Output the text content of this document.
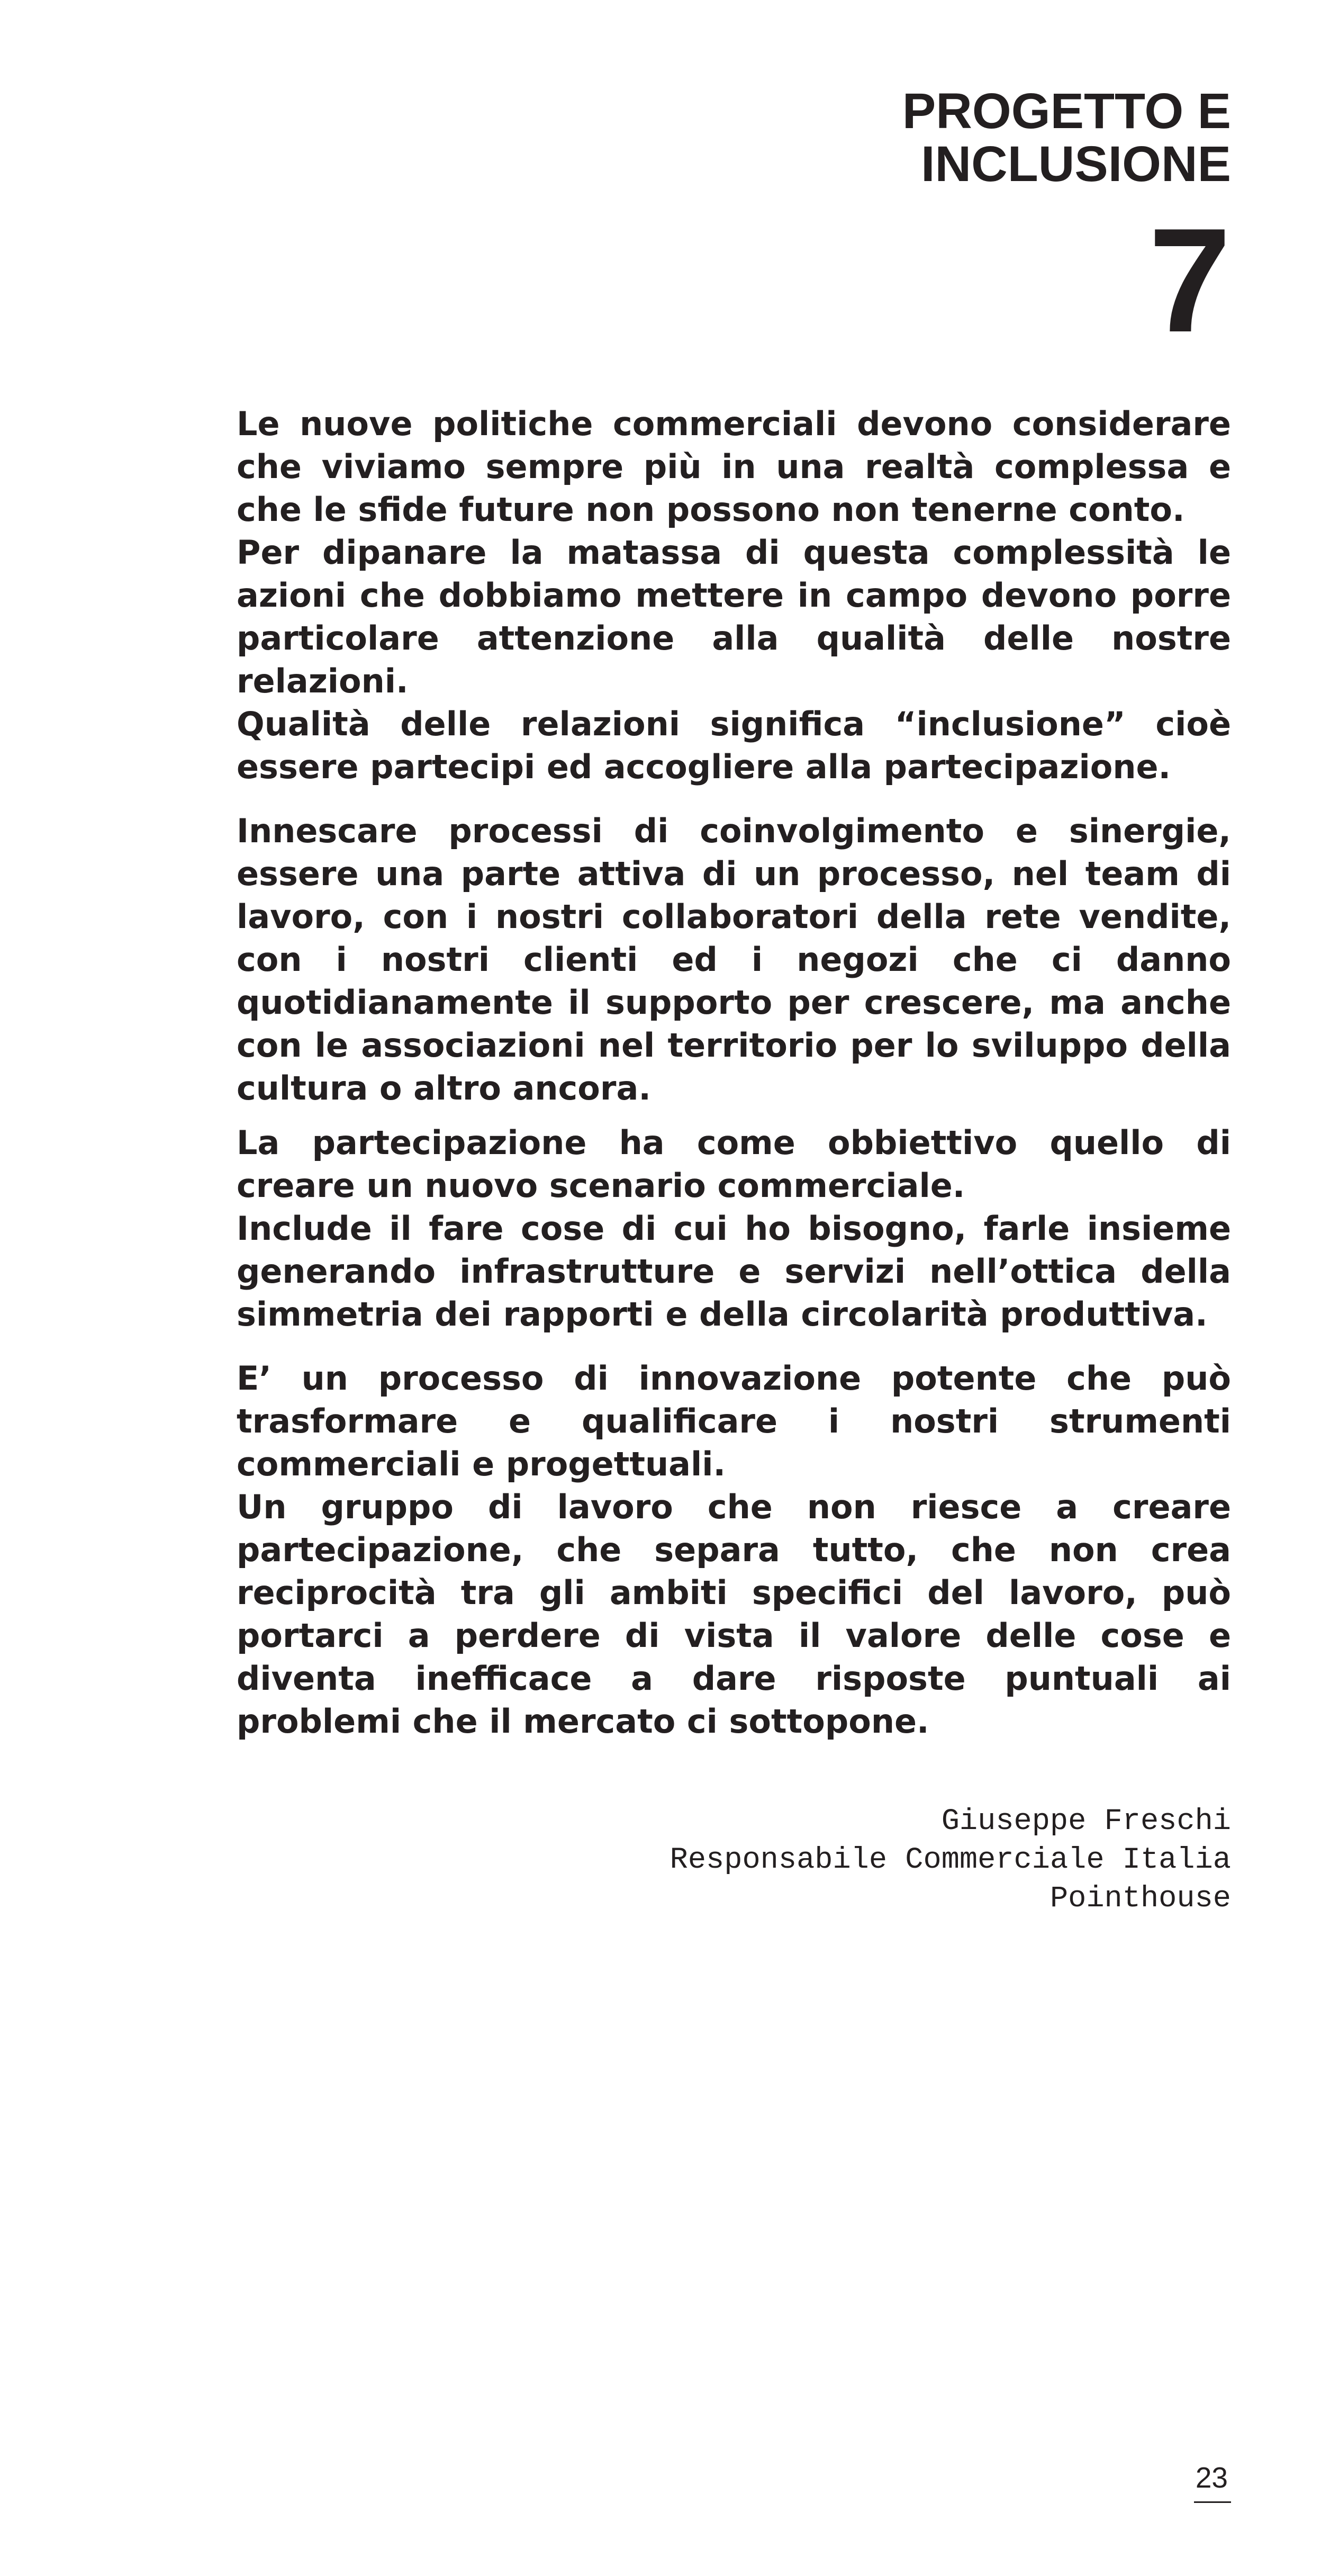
PROGETTO E
INCLUSIONE
7

Le nuove politiche commerciali devono considerare che viviamo sempre più in una realtà complessa e che le sfide future non possono non tenerne conto.

Per dipanare la matassa di questa complessità le azioni che dobbiamo mettere in campo devono porre particolare attenzione alla qualità delle nostre relazioni.

Qualità delle relazioni significa “inclusione” cioè essere partecipi ed accogliere alla partecipazione.

Innescare processi di coinvolgimento e sinergie, essere una parte attiva di un processo, nel team di lavoro, con i nostri collaboratori della rete vendite, con i nostri clienti ed i negozi che ci danno quotidianamente il supporto per crescere, ma anche con le associazioni nel territorio per lo sviluppo della cultura o altro ancora.

La partecipazione ha come obbiettivo quello di creare un nuovo scenario commerciale.

Include il fare cose di cui ho bisogno, farle insieme generando infrastrutture e servizi nell’ottica della simmetria dei rapporti e della circolarità produttiva.

E’ un processo di innovazione potente che può trasformare e qualificare i nostri strumenti commerciali e progettuali.

Un gruppo di lavoro che non riesce a creare partecipazione, che separa tutto, che non crea reciprocità tra gli ambiti specifici del lavoro, può portarci a perdere di vista il valore delle cose e diventa inefficace a dare risposte puntuali ai problemi che il mercato ci sottopone.

Giuseppe Freschi
Responsabile Commerciale Italia
Pointhouse
23
